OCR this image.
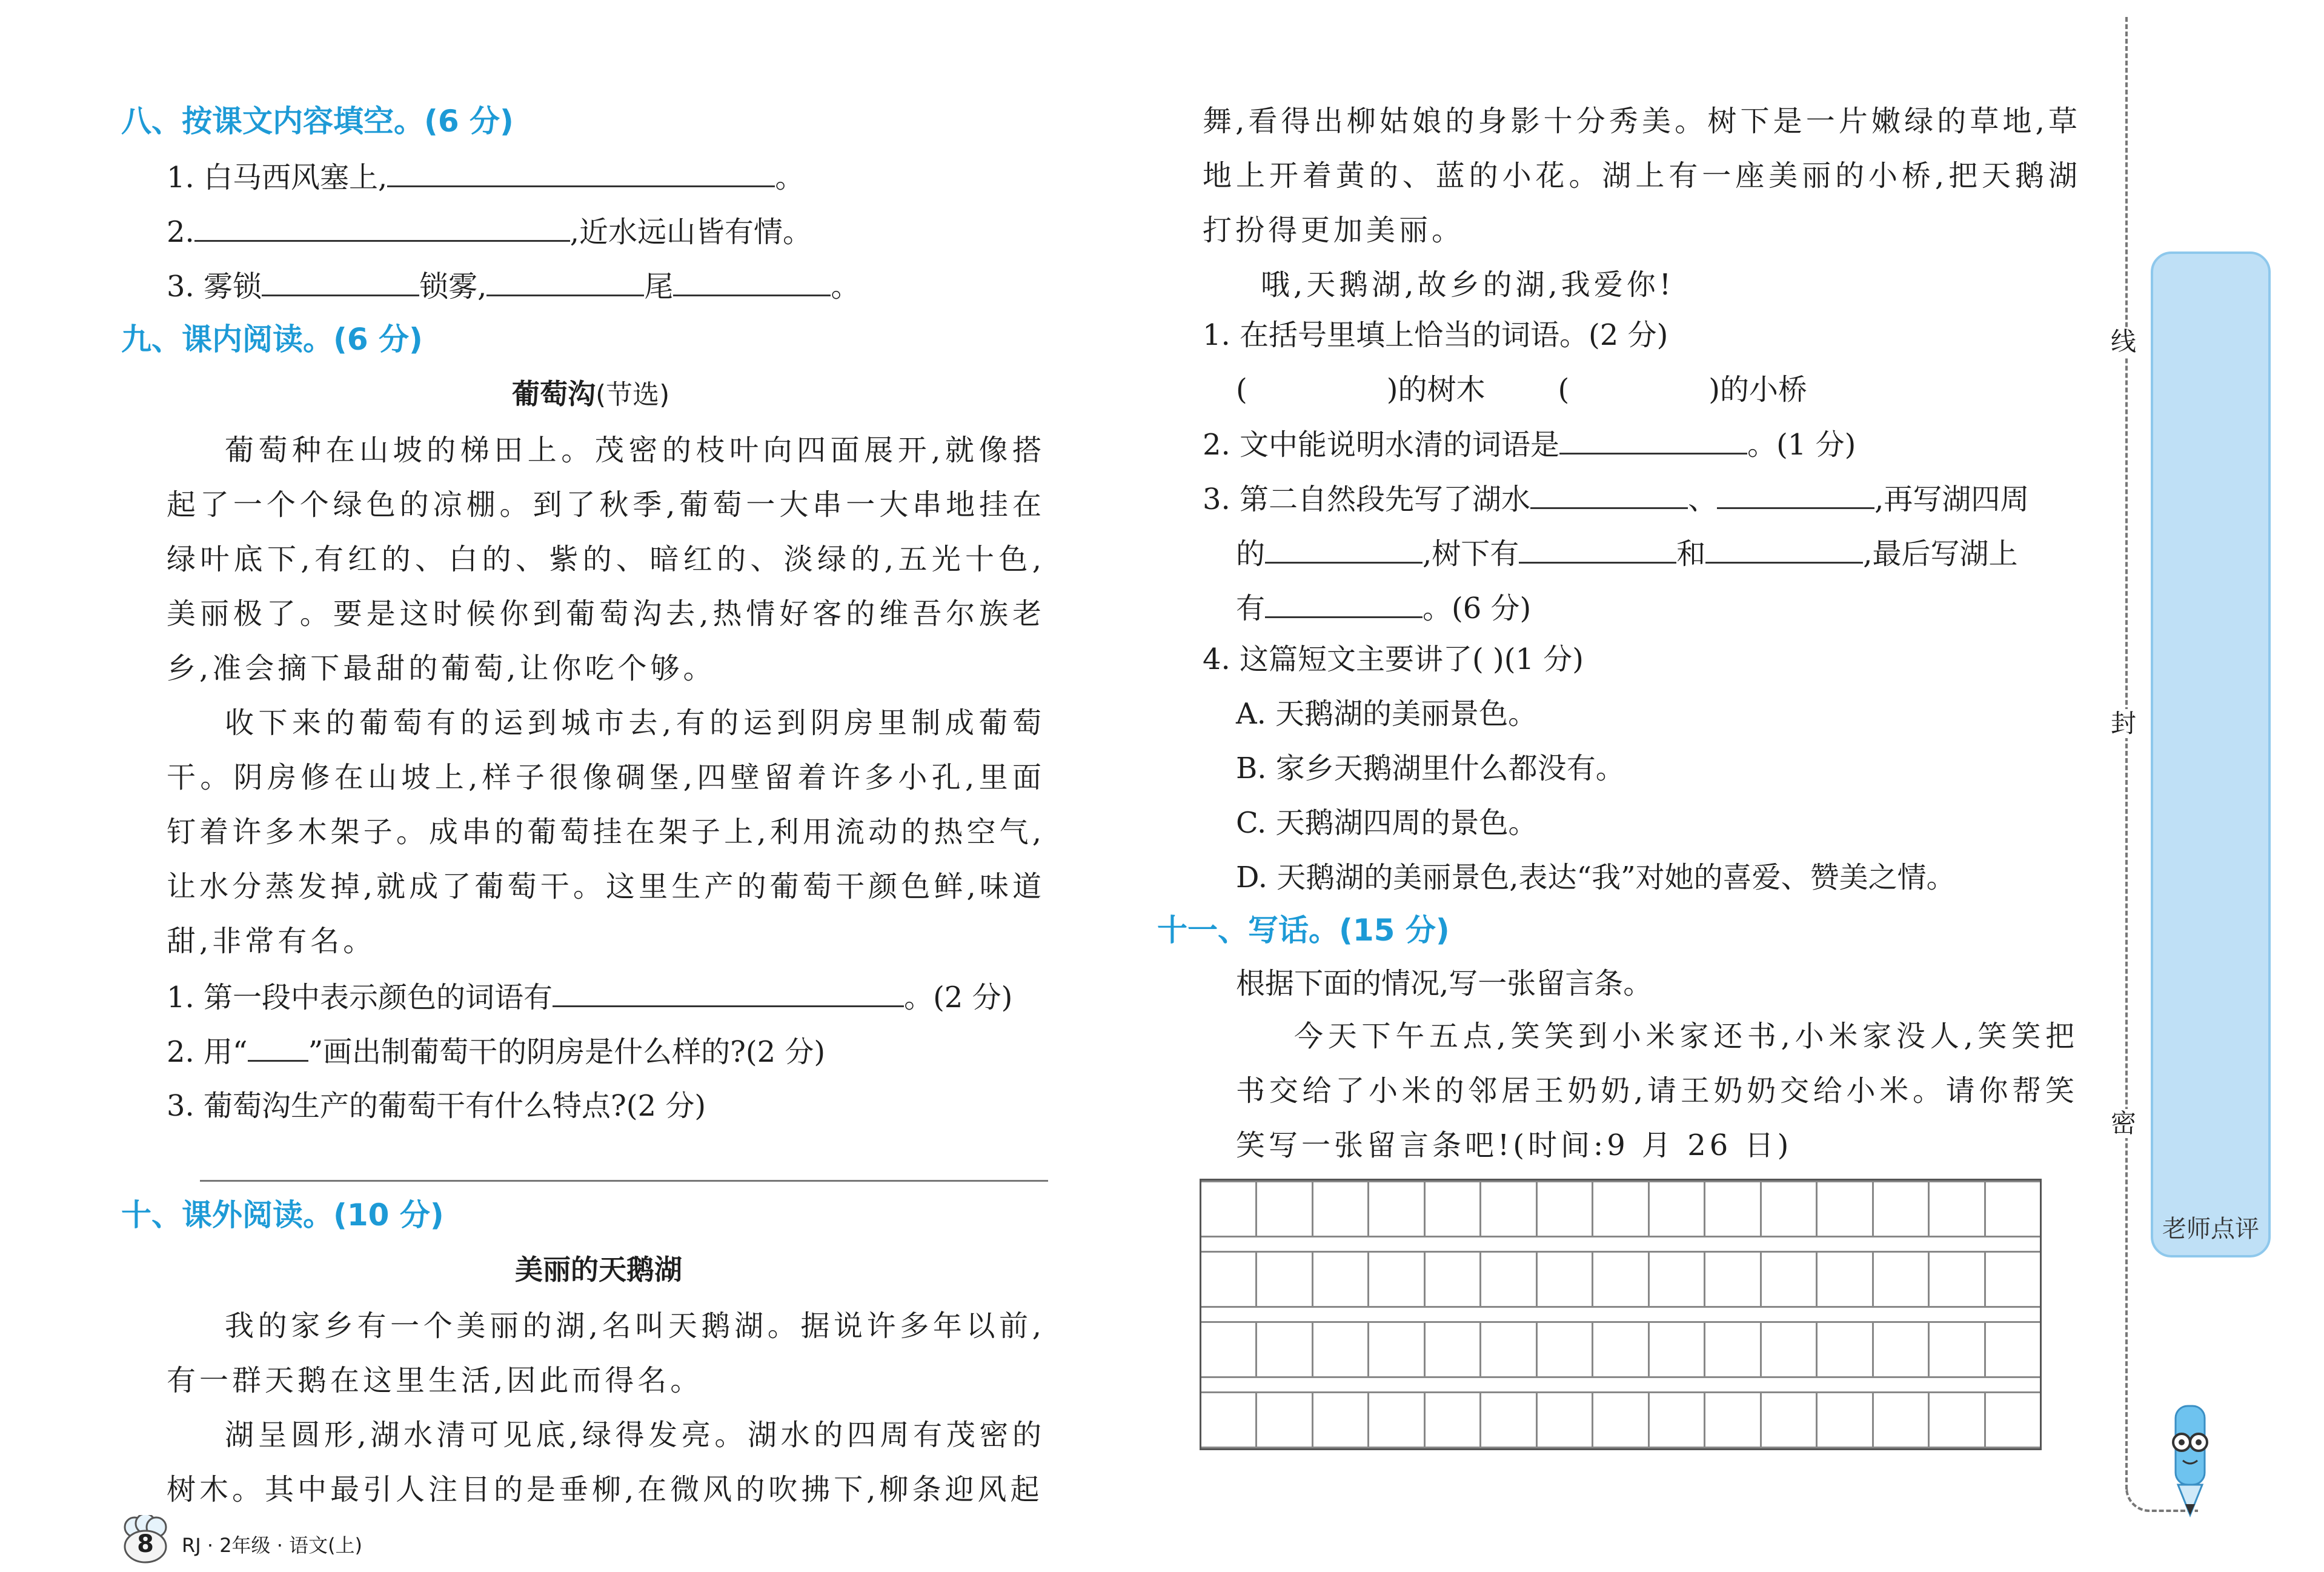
八、按课文内容填空。(6 分)
1. 白马西风塞上,	。
2.	,近水远山皆有情。
3. 雾锁	锁雾,	尾	。
九、课内阅读。(6 分)
葡萄沟(节选)

葡萄种在山坡的梯田上。茂密的枝叶向四面展开,就像搭起了一个个绿色的凉棚。到了秋季,葡萄一大串一大串地挂在绿叶底下,有红的、白的、紫的、暗红的、淡绿的,五光十色,美丽极了。要是这时候你到葡萄沟去,热情好客的维吾尔族老乡,准会摘下最甜的葡萄,让你吃个够。

收下来的葡萄有的运到城市去,有的运到阴房里制成葡萄干。阴房修在山坡上,样子很像碉堡,四壁留着许多小孔,里面钉着许多木架子。成串的葡萄挂在架子上,利用流动的热空气,让水分蒸发掉,就成了葡萄干。这里生产的葡萄干颜色鲜,味道甜,非常有名。

1. 第一段中表示颜色的词语有	。(2 分)
2. 用“ ”画出制葡萄干的阴房是什么样的?(2 分)
3. 葡萄沟生产的葡萄干有什么特点?(2 分)
十、课外阅读。(10 分)
美丽的天鹅湖

我的家乡有一个美丽的湖,名叫天鹅湖。据说许多年以前,有一群天鹅在这里生活,因此而得名。

湖呈圆形,湖水清可见底,绿得发亮。湖水的四周有茂密的树木。其中最引人注目的是垂柳,在微风的吹拂下,柳条迎风起

8 RJ · 2年级 · 语文(上)
舞,看得出柳姑娘的身影十分秀美。树下是一片嫩绿的草地,草地上开着黄的、蓝的小花。湖上有一座美丽的小桥,把天鹅湖打扮得更加美丽。

哦,天鹅湖,故乡的湖,我爱你!

1. 在括号里填上恰当的词语。(2 分)
(	)的树木	(	)的小桥
2. 文中能说明水清的词语是	。(1 分)
3. 第二自然段先写了湖水	、	,再写湖四周
的	,树下有	和	,最后写湖上
有	。(6 分)
4. 这篇短文主要讲了( )(1 分)
A. 天鹅湖的美丽景色。
B. 家乡天鹅湖里什么都没有。
C. 天鹅湖四周的景色。
D. 天鹅湖的美丽景色,表达“我”对她的喜爱、赞美之情。
十一、写话。(15 分)
根据下面的情况,写一张留言条。

今天下午五点,笑笑到小米家还书,小米家没人,笑笑把书交给了小米的邻居王奶奶,请王奶奶交给小米。请你帮笑笑写一张留言条吧!(时间:9 月 26 日)

线
封
密
老师点评
